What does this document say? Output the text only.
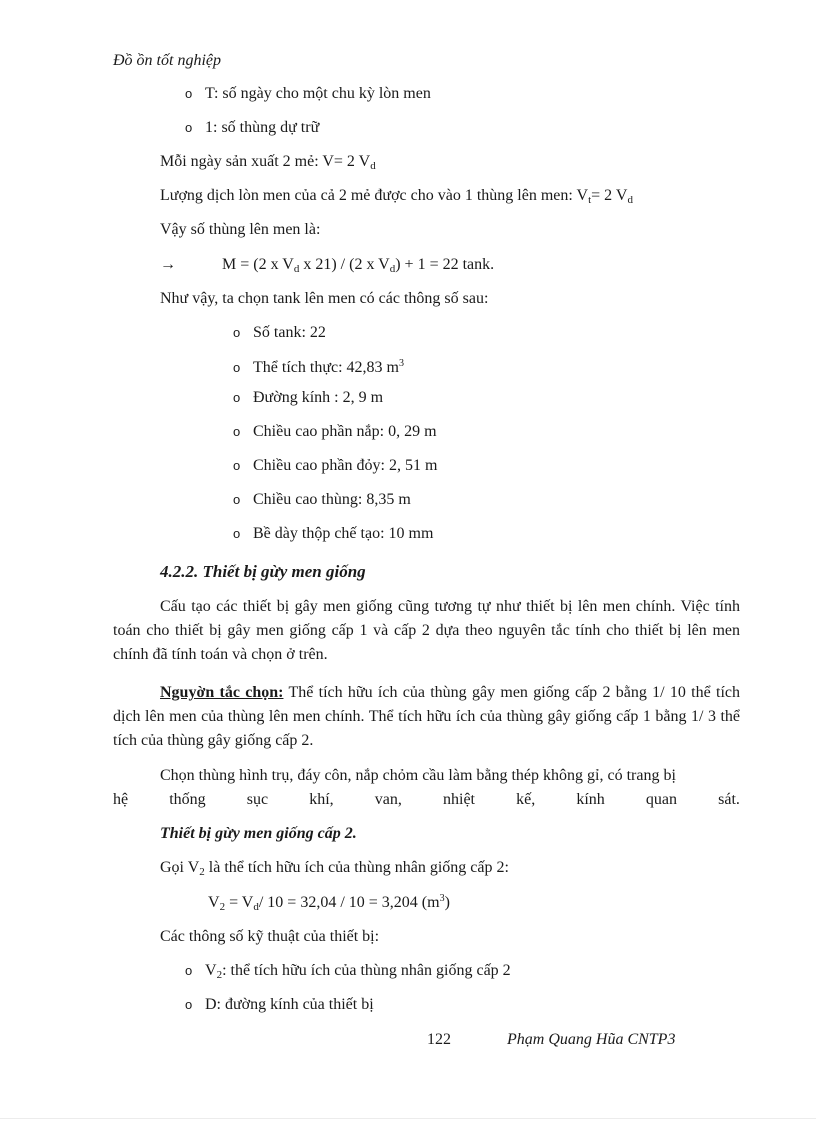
Đồ ồn tốt nghiệp
o T: số ngày cho một chu kỳ lòn men
o 1: số thùng dự trữ
Mỗi ngày sản xuất 2 mẻ: V= 2 $V_d$
Lượng dịch lòn men của cả 2 mẻ được cho vào 1 thùng lên men: $V_t= 2$ $V_d$
Vậy số thùng lên men là:
→	M = (2 x $V_d$ x 21) / (2 x $V_d) + 1 = 22$ tank.
Như vậy, ta chọn tank lên men có các thông số sau:
o Số tank: 22
o Thể tích thực: 42,83 $m^3$
o Đường kính : 2, 9 m
o Chiều cao phần nắp: 0, 29 m
o Chiều cao phần đỏy: 2, 51 m
o Chiều cao thùng: 8,35 m
o Bề dày thộp chế tạo: 10 mm
4.2.2. Thiết bị gừy men giống
Cấu tạo các thiết bị gây men giống cũng tương tự như thiết bị lên men chính. Việc tính toán cho thiết bị gây men giống cấp 1 và cấp 2 dựa theo nguyên tắc tính cho thiết bị lên men chính đã tính toán và chọn ở trên.
Nguyờn tắc chọn: Thể tích hữu ích của thùng gây men giống cấp 2 bằng 1/ 10 thể tích dịch lên men của thùng lên men chính. Thể tích hữu ích của thùng gây giống cấp 1 bằng 1/ 3 thể tích của thùng gây giống cấp 2.
Chọn thùng hình trụ, đáy côn, nắp chỏm cầu làm bằng thép không gỉ, có trang bị
hệ	thống	sục	khí,	van,	nhiệt	kế,	kính	quan	sát.
Thiết bị gừy men giống cấp 2.
Gọi $V_2$ là thể tích hữu ích của thùng nhân giống cấp 2:
$V_2 = V_d/$ 10 = 32,04 / 10 = 3,204 $(m^3)$
Các thông số kỹ thuật của thiết bị:
o $V_2$: thể tích hữu ích của thùng nhân giống cấp 2
o D: đường kính của thiết bị
122	Phạm Quang Hũa CNTP3
